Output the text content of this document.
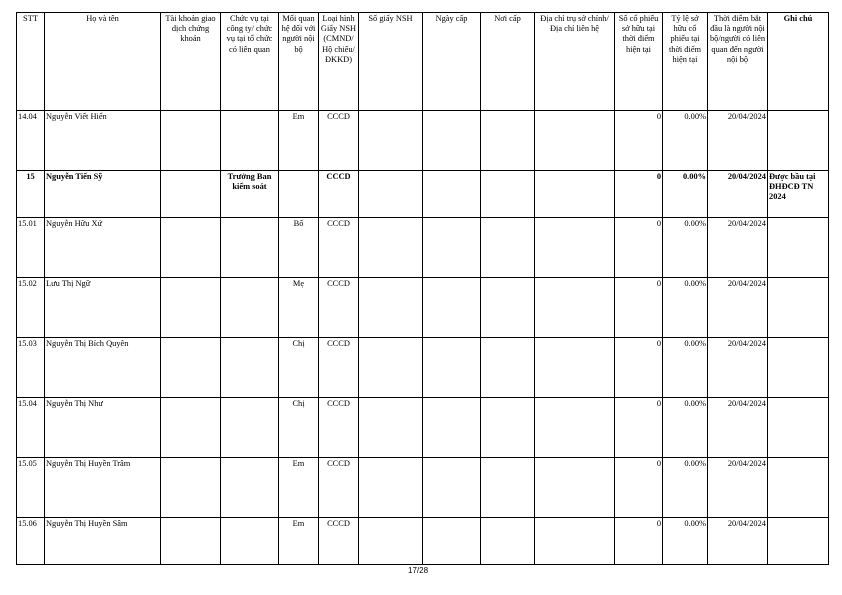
STT	Họ và tên	Tài khoản giao dịch chứng khoán	Chức vụ tại công ty/ chức vụ tại tổ chức có liên quan	Mối quan hệ đối với người nội bộ	Loại hình Giấy NSH (CMND/ Hộ chiếu/ ĐKKD)	Số giấy NSH	Ngày cấp	Nơi cấp	Địa chỉ trụ sở chính/Địa chỉ liên hệ	Số cổ phiếu sở hữu tại thời điểm hiện tại	Tỷ lệ sở hữu cổ phiếu tại thời điểm hiện tại	Thời điểm bắt đầu là người nội bộ/người có liên quan đến người nội bộ	Ghi chú
14.04	Nguyễn Viết Hiển			Em	CCCD					0	0.00%	20/04/2024	
15	Nguyễn Tiến Sỹ		Trưởng Ban kiểm soát		CCCD					0	0.00%	20/04/2024	Được bầu tại ĐHĐCĐ TN 2024
15.01	Nguyễn Hữu Xứ			Bố	CCCD					0	0.00%	20/04/2024	
15.02	Lưu Thị Ngữ			Mẹ	CCCD					0	0.00%	20/04/2024	
15.03	Nguyễn Thị Bích Quyên			Chị	CCCD					0	0.00%	20/04/2024	
15.04	Nguyễn Thị Như			Chị	CCCD					0	0.00%	20/04/2024	
15.05	Nguyễn Thị Huyền Trâm			Em	CCCD					0	0.00%	20/04/2024	
15.06	Nguyễn Thị Huyền Sâm			Em	CCCD					0	0.00%	20/04/2024	
17/28
